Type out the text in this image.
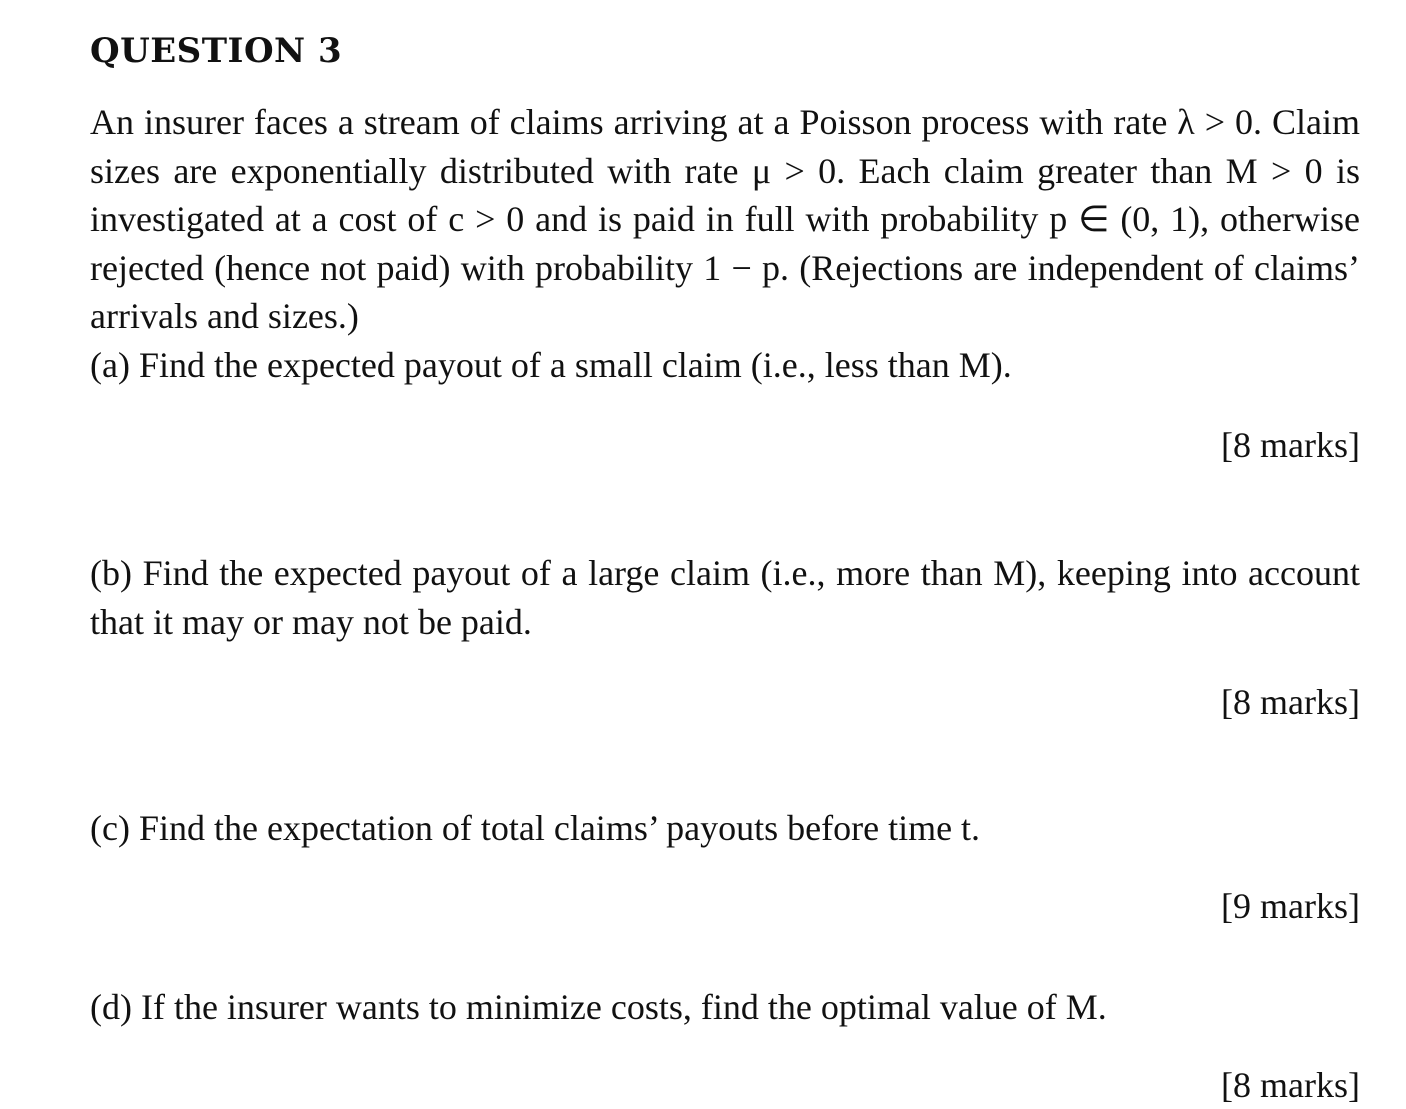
QUESTION 3

An insurer faces a stream of claims arriving at a Poisson process with rate λ > 0. Claim sizes are exponentially distributed with rate μ > 0. Each claim greater than M > 0 is investigated at a cost of c > 0 and is paid in full with probability p ∈ (0, 1), otherwise rejected (hence not paid) with probability 1 − p. (Rejections are independent of claims’ arrivals and sizes.)

(a) Find the expected payout of a small claim (i.e., less than M).

[8 marks]

(b) Find the expected payout of a large claim (i.e., more than M), keeping into account that it may or may not be paid.

[8 marks]

(c) Find the expectation of total claims’ payouts before time t.

[9 marks]

(d) If the insurer wants to minimize costs, find the optimal value of M.

[8 marks]
